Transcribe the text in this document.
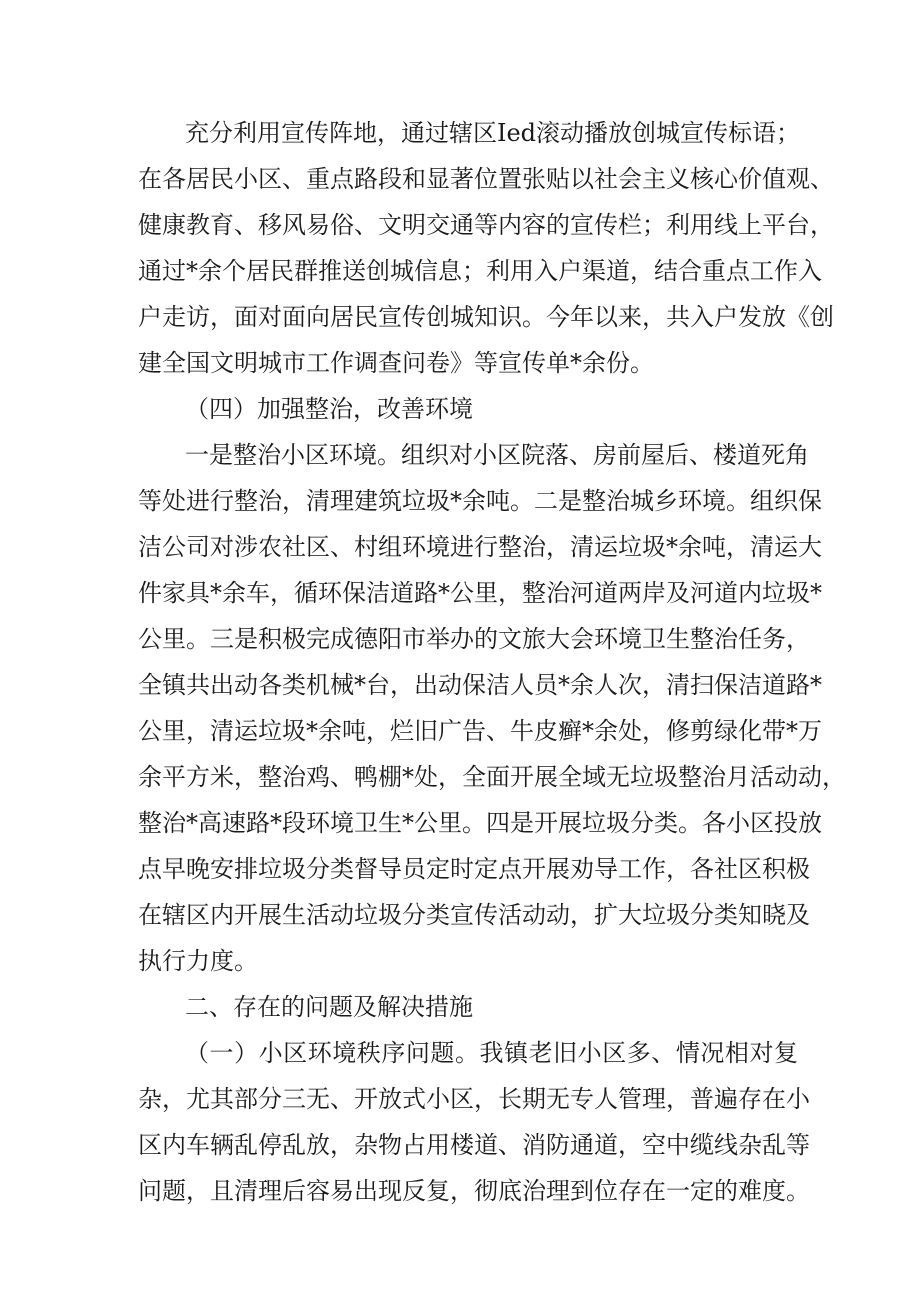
充分利用宣传阵地，通过辖区Ied滚动播放创城宣传标语；
在各居民小区、重点路段和显著位置张贴以社会主义核心价值观、
健康教育、移风易俗、文明交通等内容的宣传栏；利用线上平台，
通过*余个居民群推送创城信息；利用入户渠道，结合重点工作入
户走访，面对面向居民宣传创城知识。今年以来，共入户发放《创
建全国文明城市工作调查问卷》等宣传单*余份。
（四）加强整治，改善环境
一是整治小区环境。组织对小区院落、房前屋后、楼道死角
等处进行整治，清理建筑垃圾*余吨。二是整治城乡环境。组织保
洁公司对涉农社区、村组环境进行整治，清运垃圾*余吨，清运大
件家具*余车，循环保洁道路*公里，整治河道两岸及河道内垃圾*
公里。三是积极完成德阳市举办的文旅大会环境卫生整治任务，
全镇共出动各类机械*台，出动保洁人员*余人次，清扫保洁道路*
公里，清运垃圾*余吨，烂旧广告、牛皮癣*余处，修剪绿化带*万
余平方米，整治鸡、鸭棚*处，全面开展全域无垃圾整治月活动动，
整治*高速路*段环境卫生*公里。四是开展垃圾分类。各小区投放
点早晚安排垃圾分类督导员定时定点开展劝导工作，各社区积极
在辖区内开展生活动垃圾分类宣传活动动，扩大垃圾分类知晓及
执行力度。
二、存在的问题及解决措施
（一）小区环境秩序问题。我镇老旧小区多、情况相对复
杂，尤其部分三无、开放式小区，长期无专人管理，普遍存在小
区内车辆乱停乱放，杂物占用楼道、消防通道，空中缆线杂乱等
问题，且清理后容易出现反复，彻底治理到位存在一定的难度。
